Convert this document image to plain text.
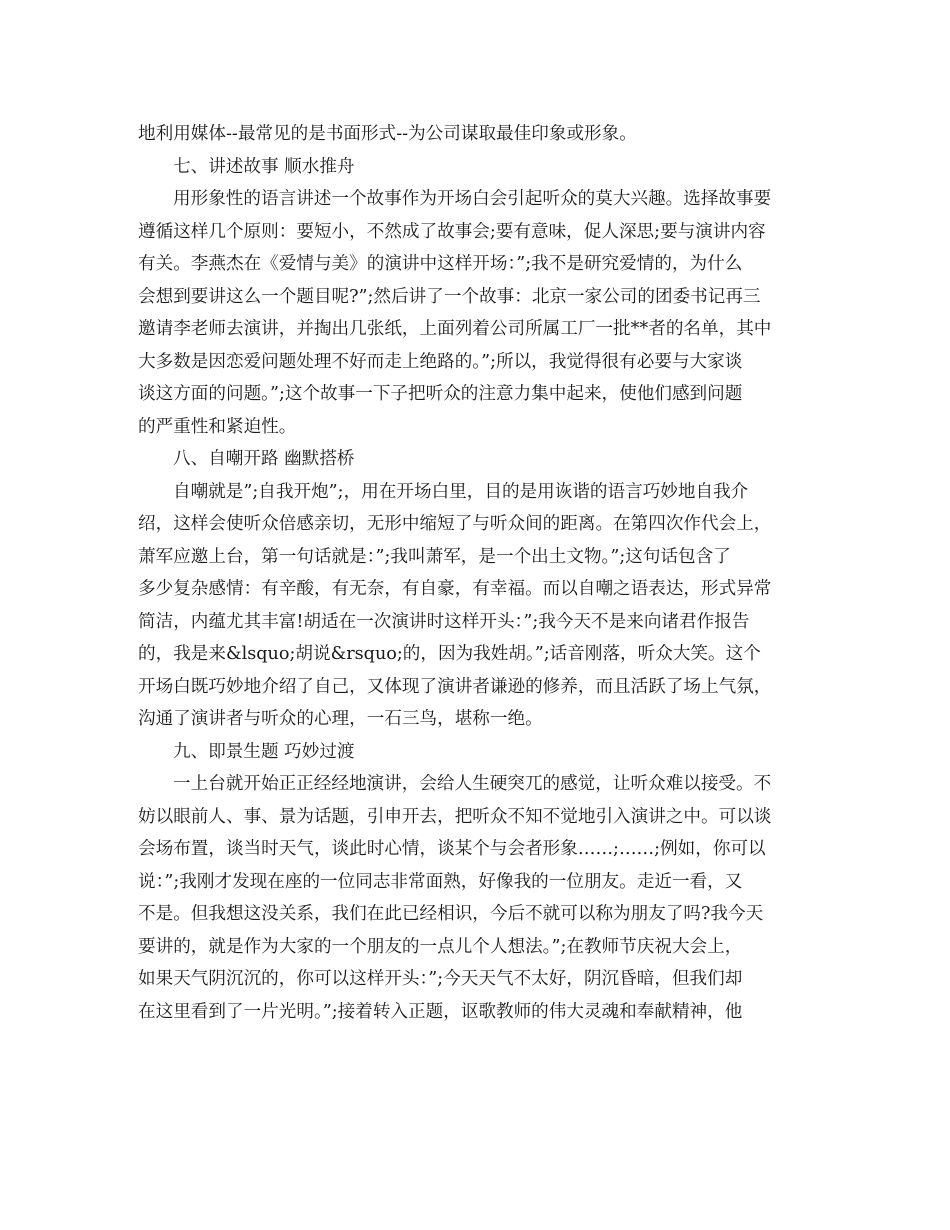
地利用媒体--最常见的是书面形式--为公司谋取最佳印象或形象。
七、讲述故事 顺水推舟
用形象性的语言讲述一个故事作为开场白会引起听众的莫大兴趣。选择故事要
遵循这样几个原则：要短小，不然成了故事会;要有意味，促人深思;要与演讲内容
有关。李燕杰在《爱情与美》的演讲中这样开场：”;我不是研究爱情的，为什么
会想到要讲这么一个题目呢?”;然后讲了一个故事：北京一家公司的团委书记再三
邀请李老师去演讲，并掏出几张纸，上面列着公司所属工厂一批**者的名单，其中
大多数是因恋爱问题处理不好而走上绝路的。”;所以，我觉得很有必要与大家谈
谈这方面的问题。”;这个故事一下子把听众的注意力集中起来，使他们感到问题
的严重性和紧迫性。
八、自嘲开路 幽默搭桥
自嘲就是”;自我开炮”;，用在开场白里，目的是用诙谐的语言巧妙地自我介
绍，这样会使听众倍感亲切，无形中缩短了与听众间的距离。在第四次作代会上，
萧军应邀上台，第一句话就是：”;我叫萧军，是一个出土文物。”;这句话包含了
多少复杂感情：有辛酸，有无奈，有自豪，有幸福。而以自嘲之语表达，形式异常
简洁，内蕴尤其丰富!胡适在一次演讲时这样开头：”;我今天不是来向诸君作报告
的，我是来&lsquo;胡说&rsquo;的，因为我姓胡。”;话音刚落，听众大笑。这个
开场白既巧妙地介绍了自己，又体现了演讲者谦逊的修养，而且活跃了场上气氛，
沟通了演讲者与听众的心理，一石三鸟，堪称一绝。
九、即景生题 巧妙过渡
一上台就开始正正经经地演讲，会给人生硬突兀的感觉，让听众难以接受。不
妨以眼前人、事、景为话题，引申开去，把听众不知不觉地引入演讲之中。可以谈
会场布置，谈当时天气，谈此时心情，谈某个与会者形象……;……;例如，你可以
说：”;我刚才发现在座的一位同志非常面熟，好像我的一位朋友。走近一看，又
不是。但我想这没关系，我们在此已经相识，今后不就可以称为朋友了吗?我今天
要讲的，就是作为大家的一个朋友的一点儿个人想法。”;在教师节庆祝大会上，
如果天气阴沉沉的，你可以这样开头：”;今天天气不太好，阴沉昏暗，但我们却
在这里看到了一片光明。”;接着转入正题，讴歌教师的伟大灵魂和奉献精神，他
